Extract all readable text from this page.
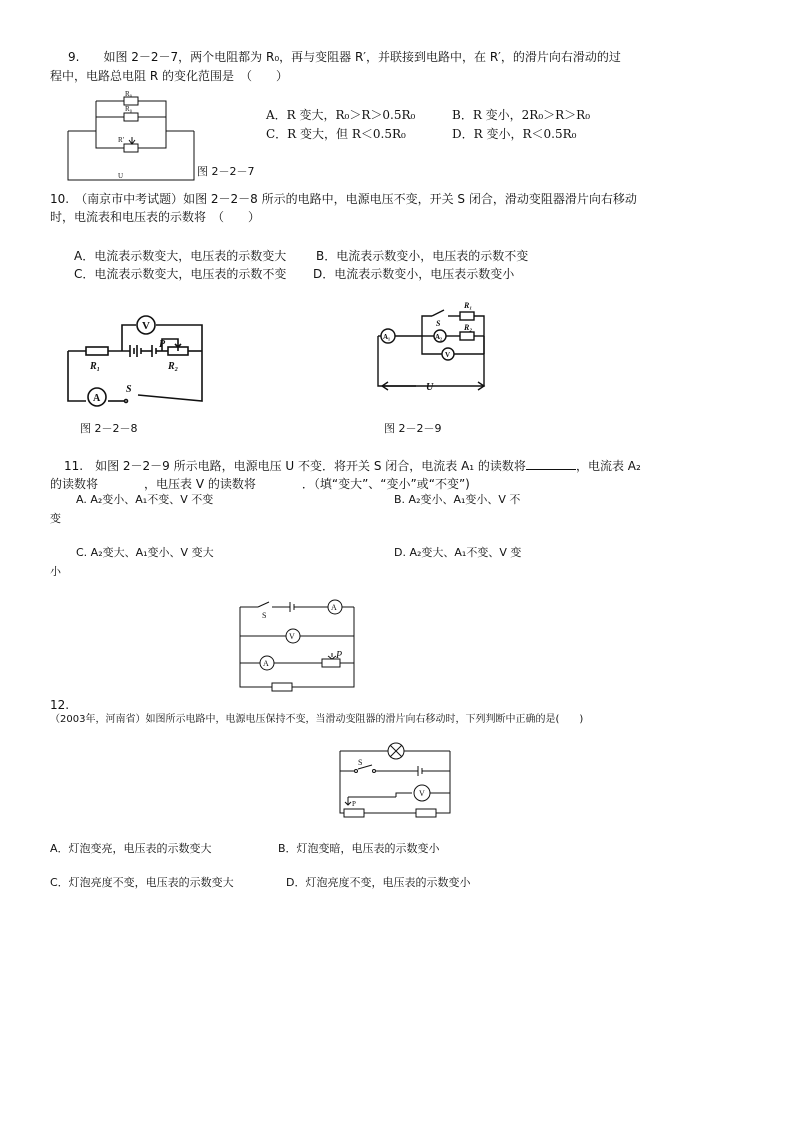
9.　　如图 2－2－7，两个电阻都为 R₀，再与变阻器 R′，并联接到电路中，在 R′，的滑片向右滑动的过
程中，电路总电阻 R 的变化范围是　（　　）
R₀
R₀
R′
U
A．R 变大，R₀＞R＞0.5R₀	B．R 变小，2R₀＞R＞R₀
C．R 变大，但 R＜0.5R₀	D．R 变小，R＜0.5R₀
图 2－2－7
10.　（南京市中考试题）如图 2－2－8 所示的电路中，电源电压不变，开关 S 闭合，滑动变阻器滑片向右移动
时，电流表和电压表的示数将　（　　）
A．电流表示数变大，电压表的示数变大 B．电流表示数变小，电压表的示数不变
C．电流表示数变大，电压表的示数不变 D．电流表示数变小，电压表示数变小
V
P
R₁	R₂
A
S
图 2－2－8
R₁
S	R₂
A₁	A₂
V
U
图 2－2－9
11.　如图 2－2－9 所示电路，电源电压 U 不变．将开关 S 闭合，电流表 A₁ 的读数将	，电流表 A₂
的读数将	，电压表 V 的读数将	．（填“变大”、“变小”或“不变”)
A. A₂变小、A₁不变、V 不变	B. A₂变小、A₁变小、V 不
变
C. A₂变大、A₁变小、V 变大	D. A₂变大、A₁不变、V 变
小
S
A
V
A
P
12.
（2003年，河南省）如图所示电路中，电源电压保持不变，当滑动变阻器的滑片向右移动时，下列判断中正确的是(　　)
S
P
V
A．灯泡变亮，电压表的示数变大	B．灯泡变暗，电压表的示数变小
C．灯泡亮度不变，电压表的示数变大	D．灯泡亮度不变，电压表的示数变小
